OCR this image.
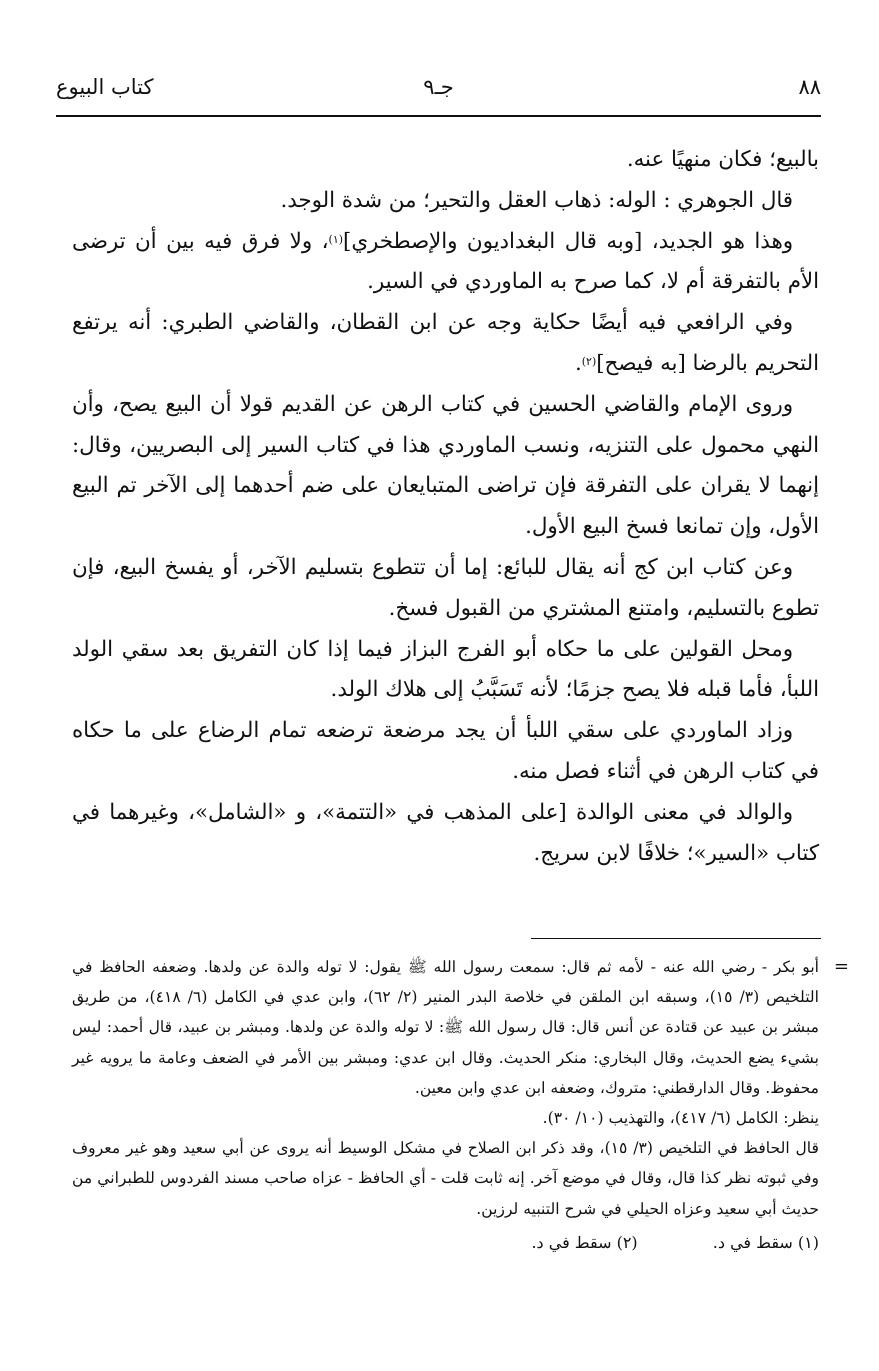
كتاب البيوع	جـ٩	٨٨

بالبيع؛ فكان منهيًا عنه.

قال الجوهري : الوله: ذهاب العقل والتحير؛ من شدة الوجد.

وهذا هو الجديد، [وبه قال البغداديون والإصطخري]$^{(١)}$، ولا فرق فيه بين أن ترضى الأم بالتفرقة أم لا، كما صرح به الماوردي في السير.

وفي الرافعي فيه أيضًا حكاية وجه عن ابن القطان، والقاضي الطبري: أنه يرتفع التحريم بالرضا [به فيصح]$^{(٢)}$.

وروى الإمام والقاضي الحسين في كتاب الرهن عن القديم قولا أن البيع يصح، وأن النهي محمول على التنزيه، ونسب الماوردي هذا في كتاب السير إلى البصريين، وقال: إنهما لا يقران على التفرقة فإن تراضى المتبايعان على ضم أحدهما إلى الآخر تم البيع الأول، وإن تمانعا فسخ البيع الأول.

وعن كتاب ابن كج أنه يقال للبائع: إما أن تتطوع بتسليم الآخر، أو يفسخ البيع، فإن تطوع بالتسليم، وامتنع المشتري من القبول فسخ.

ومحل القولين على ما حكاه أبو الفرج البزاز فيما إذا كان التفريق بعد سقي الولد اللبأ، فأما قبله فلا يصح جزمًا؛ لأنه تَسَبَّبُ إلى هلاك الولد.

وزاد الماوردي على سقي اللبأ أن يجد مرضعة ترضعه تمام الرضاع على ما حكاه في كتاب الرهن في أثناء فصل منه.

والوالد في معنى الوالدة [على المذهب في «التتمة»، و «الشامل»، وغيرهما في كتاب «السير»؛ خلافًا لابن سريج.

=

أبو بكر - رضي الله عنه - لأمه ثم قال: سمعت رسول الله ﷺ يقول: لا توله والدة عن ولدها. وضعفه الحافظ في التلخيص (٣/ ١٥)، وسبقه ابن الملقن في خلاصة البدر المنير (٢/ ٦٢)، وابن عدي في الكامل (٦/ ٤١٨)، من طريق مبشر بن عبيد عن قتادة عن أنس قال: قال رسول الله ﷺ: لا توله والدة عن ولدها. ومبشر بن عبيد، قال أحمد: ليس بشيء يضع الحديث، وقال البخاري: منكر الحديث. وقال ابن عدي: ومبشر بين الأمر في الضعف وعامة ما يرويه غير محفوظ. وقال الدارقطني: متروك، وضعفه ابن عدي وابن معين.

ينظر: الكامل (٦/ ٤١٧)، والتهذيب (١٠/ ٣٠).

قال الحافظ في التلخيص (٣/ ١٥)، وقد ذكر ابن الصلاح في مشكل الوسيط أنه يروى عن أبي سعيد وهو غير معروف وفي ثبوته نظر كذا قال، وقال في موضع آخر. إنه ثابت قلت - أي الحافظ - عزاه صاحب مسند الفردوس للطبراني من حديث أبي سعيد وعزاه الحيلي في شرح التنبيه لرزين.

(١) سقط في د. (٢) سقط في د.
